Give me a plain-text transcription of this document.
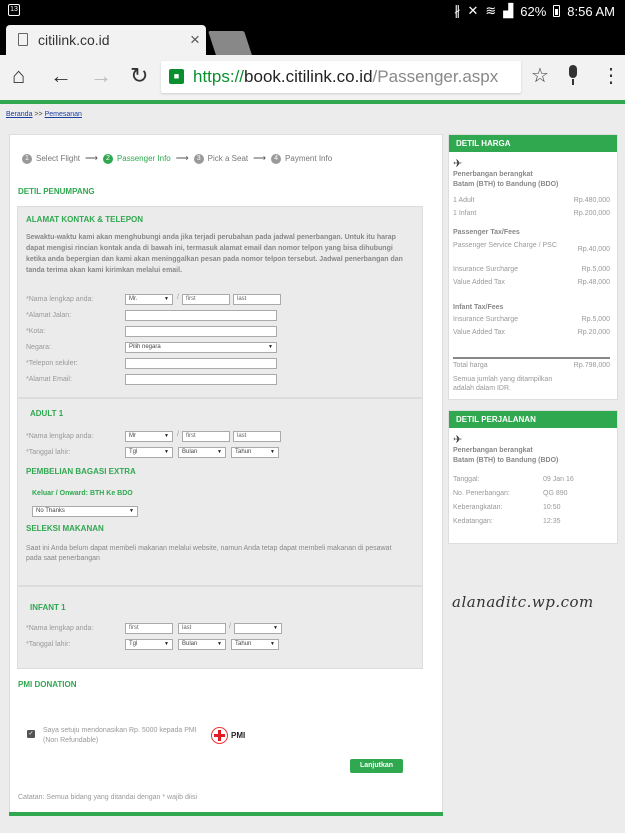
13	∦ ✕ ≋ ▟ 62% 8:56 AM
citilink.co.id	×
⌂ ← → ↻	■ https://book.citilink.co.id/Passenger.aspx ☆	⋮
Beranda >> Pemesanan
1 Select Flight ⟶	2 Passenger Info ⟶	3 Pick a Seat ⟶	4 Payment Info
DETIL PENUMPANG
ALAMAT KONTAK & TELEPON
Sewaktu-waktu kami akan menghubungi anda jika terjadi perubahan pada jadwal penerbangan. Untuk itu harap dapat mengisi rincian kontak anda di bawah ini, termasuk alamat email dan nomor telpon yang bisa dihubungi ketika anda bepergian dan kami akan meninggalkan pesan pada nomor telpon tersebut. Jadwal penerbangan dan tanda terima akan kami kirimkan melalui email.
*Nama lengkap anda:	Mr. ▼	/	first	last
*Alamat Jalan:
*Kota:
Negara:	Pilih negara ▼
*Telepon seluler:
*Alamat Email:
ADULT 1
*Nama lengkap anda:	Mr ▼	/	first	last
*Tanggal lahir:	Tgl ▼	Bulan ▼	Tahun ▼
PEMBELIAN BAGASI EXTRA
Keluar / Onward: BTH Ke BDO
No Thanks ▼
SELEKSI MAKANAN
Saat ini Anda belum dapat membeli makanan melalui website, namun Anda tetap dapat membeli makanan di pesawat pada saat penerbangan
INFANT 1
*Nama lengkap anda:	first	last	/
▼
*Tanggal lahir:	Tgl ▼	Bulan ▼	Tahun ▼
PMI DONATION
✓ Saya setuju mendonasikan Rp. 5000 kepada PMI (Non Refundable)
PMI
Lanjutkan
Catatan: Semua bidang yang ditandai dengan * wajib diisi
DETIL HARGA
✈
Penerbangan berangkat
Batam (BTH) to Bandung (BDO)
1 Adult	Rp.480,000
1 Infant	Rp.200,000
Passenger Tax/Fees
Passenger Service Charge / PSC
Rp.40,000
Insurance Surcharge	Rp.5,000
Value Added Tax	Rp.48,000
Infant Tax/Fees
Insurance Surcharge	Rp.5,000
Value Added Tax	Rp.20,000
Total harga	Rp.798,000
Semua jumlah yang ditampilkan adalah dalam IDR.
DETIL PERJALANAN
✈
Penerbangan berangkat
Batam (BTH) to Bandung (BDO)
Tanggal:	09 Jan 16
No. Penerbangan:	QG 890
Keberangkatan:	10:50
Kedatangan:	12:35
alanaditc.wp.com
